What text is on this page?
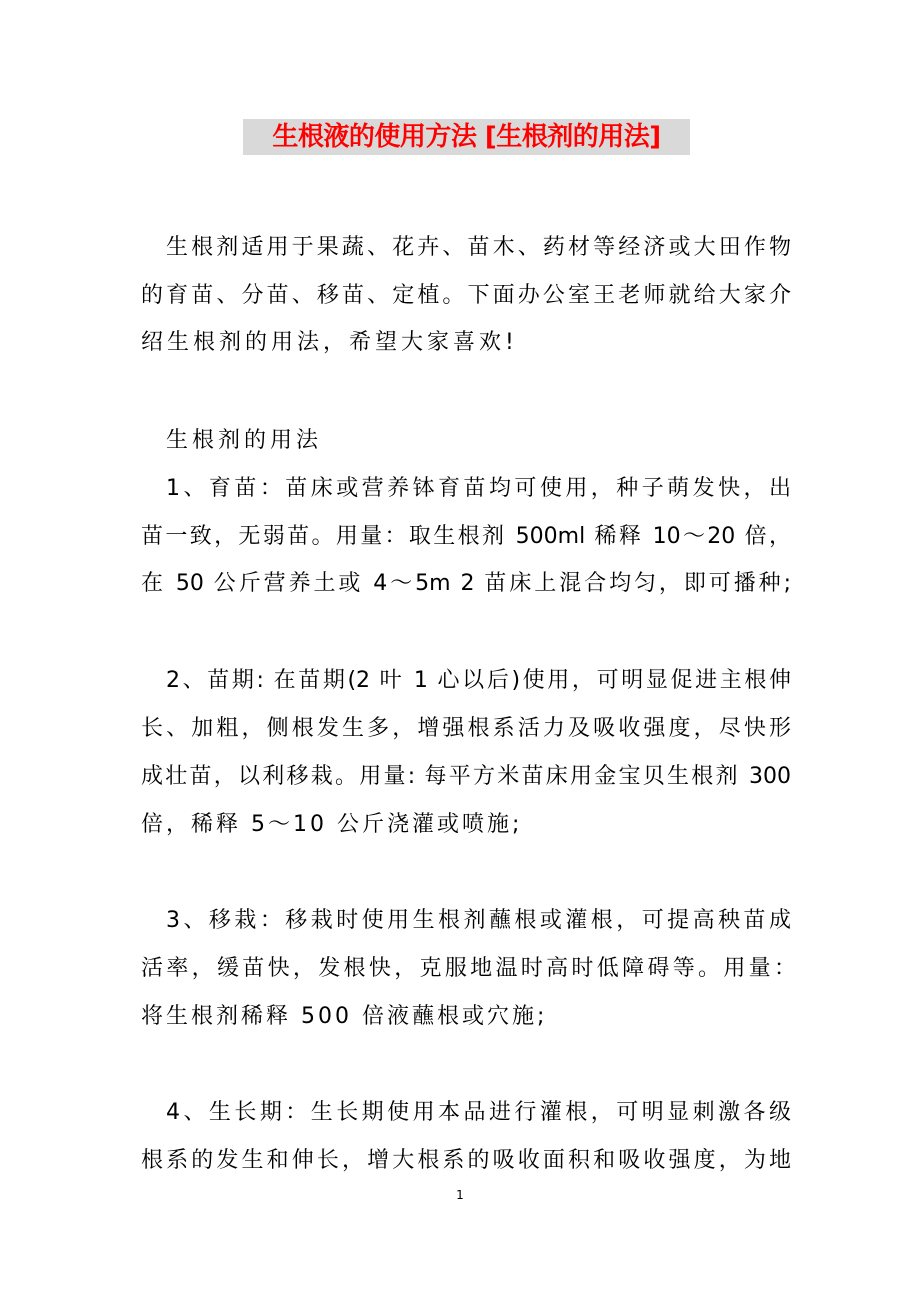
生根液的使用方法 [生根剂的用法]
生根剂适用于果蔬、花卉、苗木、药材等经济或大田作物
的育苗、分苗、移苗、定植。下面办公室王老师就给大家介
绍生根剂的用法，希望大家喜欢!
生根剂的用法
1、育苗：苗床或营养钵育苗均可使用，种子萌发快，出
苗一致，无弱苗。用量：取生根剂 500ml 稀释 10～20 倍，
在 50 公斤营养土或 4～5m 2 苗床上混合均匀，即可播种;
2、苗期: 在苗期(2 叶 1 心以后)使用，可明显促进主根伸
长、加粗，侧根发生多，增强根系活力及吸收强度，尽快形
成壮苗，以利移栽。用量: 每平方米苗床用金宝贝生根剂 300
倍，稀释 5～10 公斤浇灌或喷施;
3、移栽：移栽时使用生根剂蘸根或灌根，可提高秧苗成
活率，缓苗快，发根快，克服地温时高时低障碍等。用量：
将生根剂稀释 500 倍液蘸根或穴施;
4、生长期：生长期使用本品进行灌根，可明显刺激各级
根系的发生和伸长，增大根系的吸收面积和吸收强度，为地
1
